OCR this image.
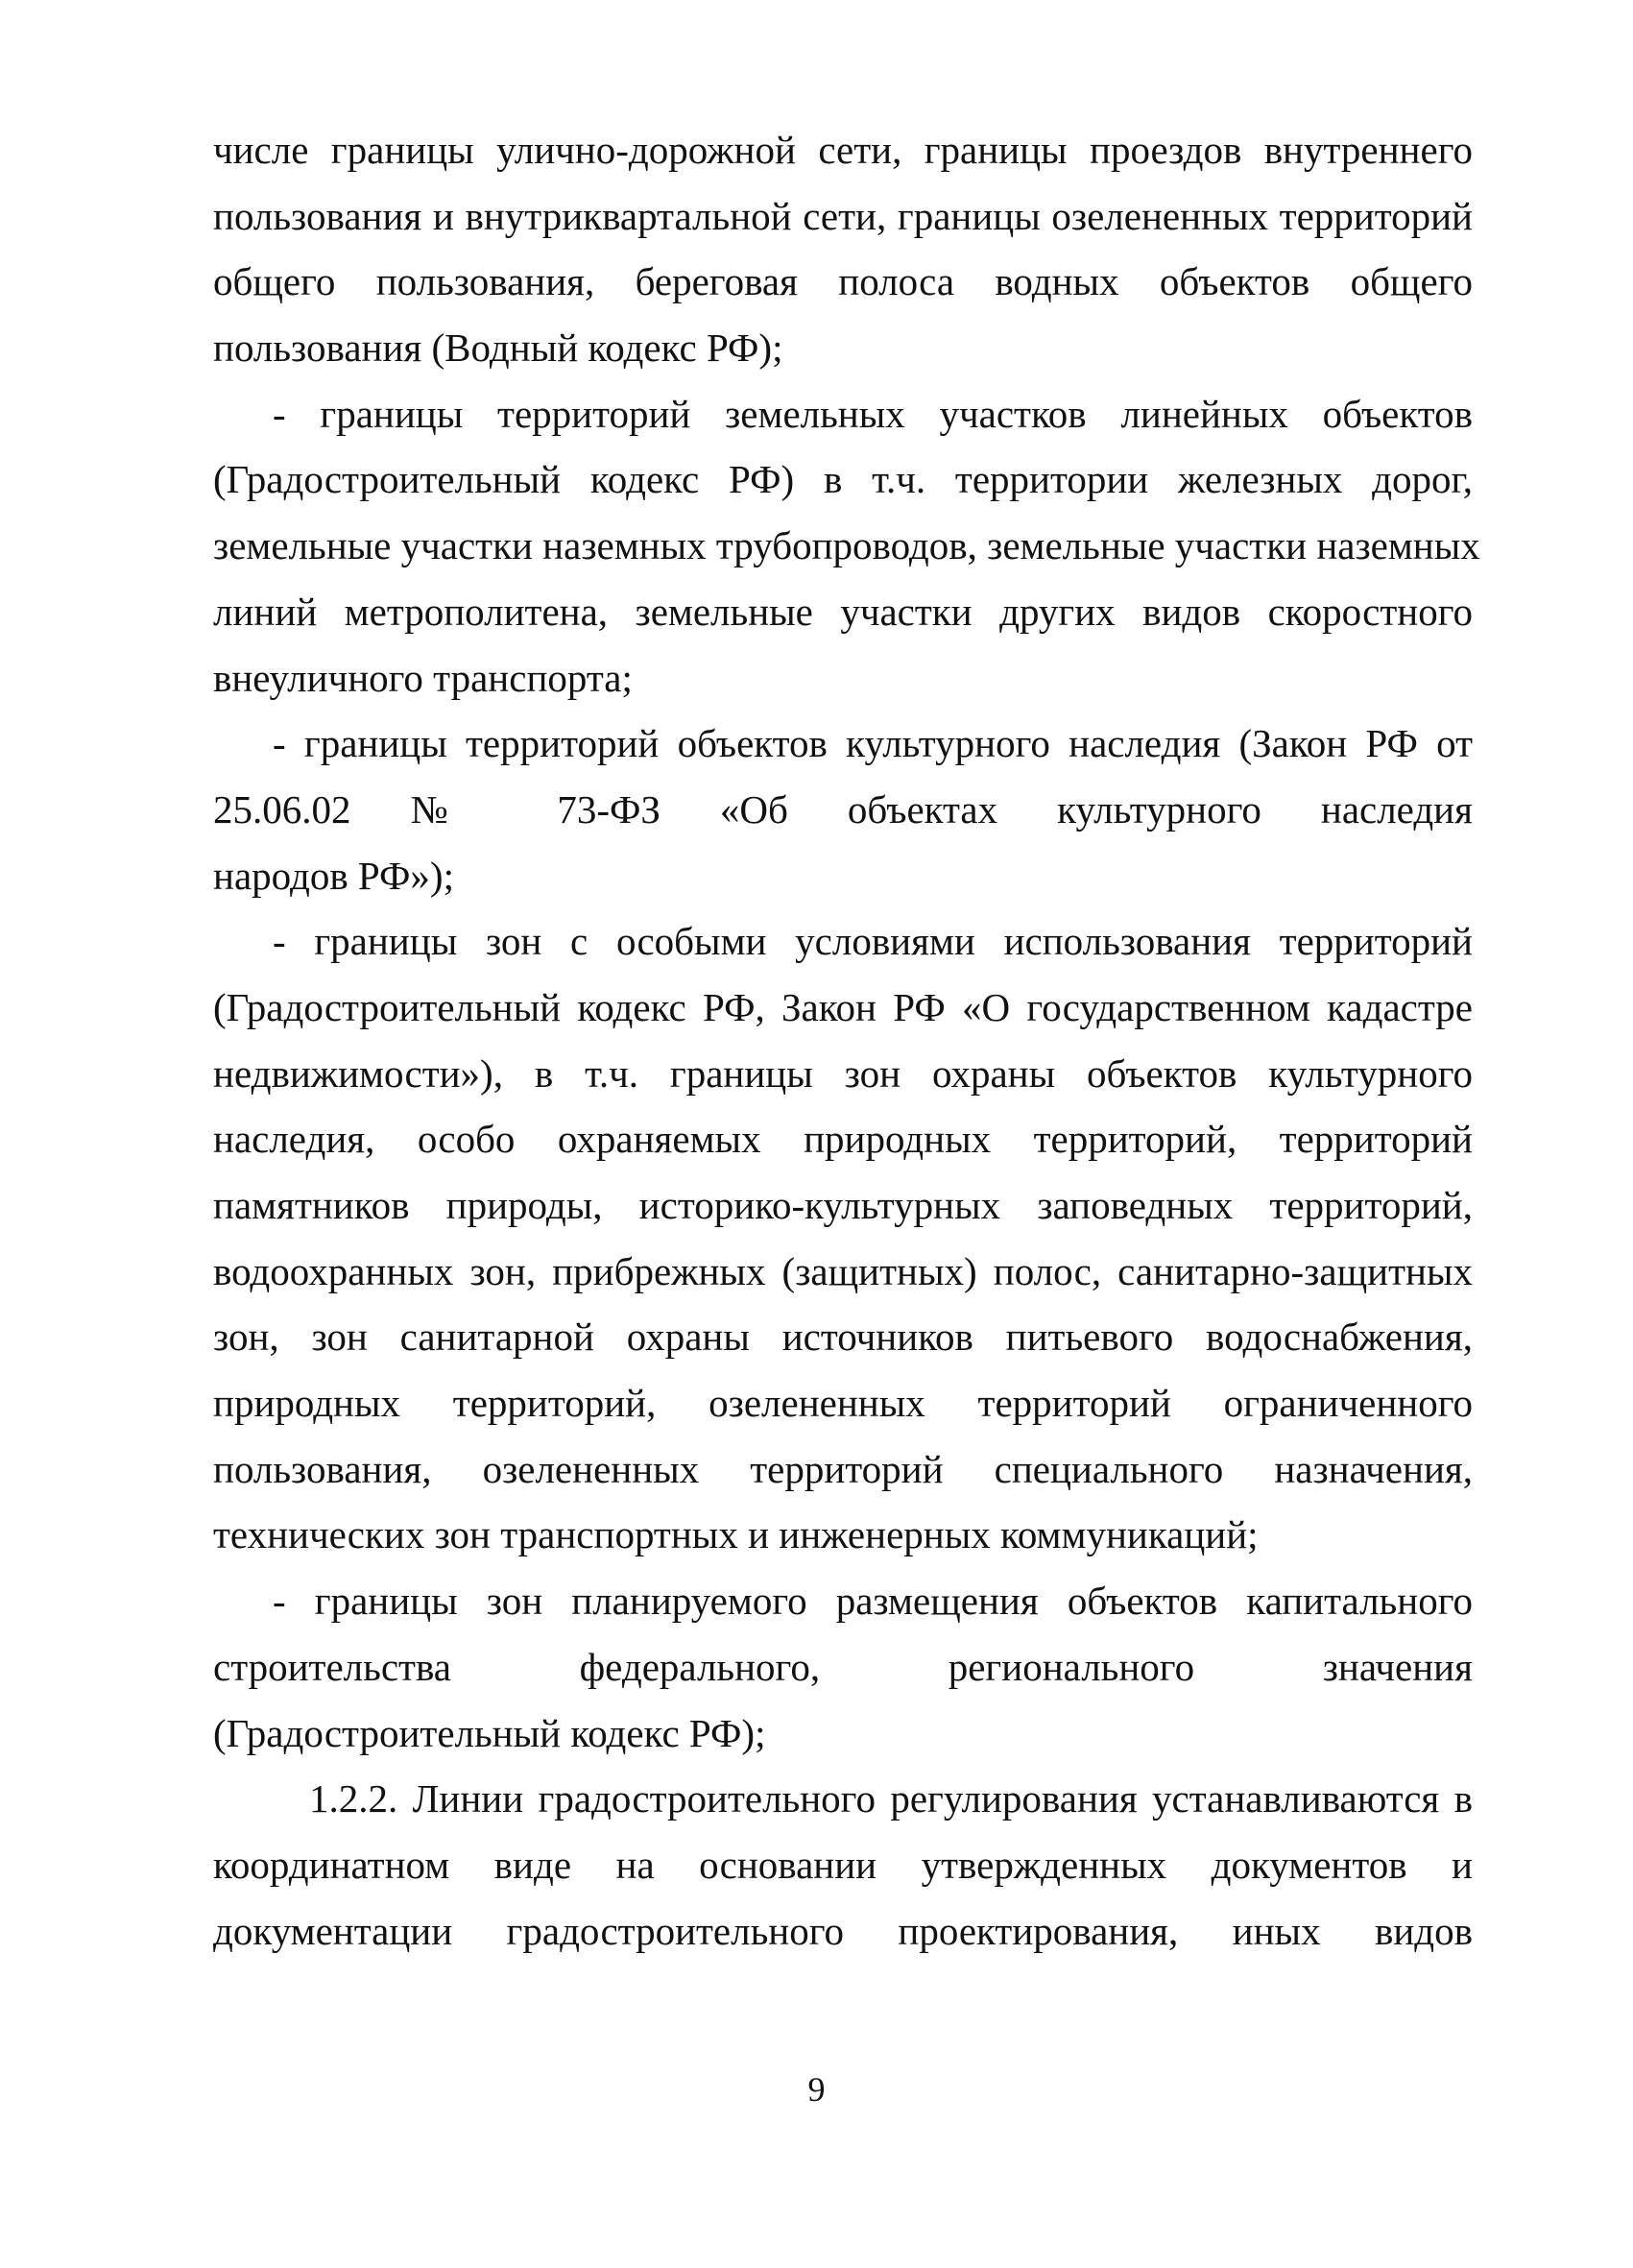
числе границы улично-дорожной сети, границы проездов внутреннего
пользования и внутриквартальной сети, границы озелененных территорий
общего пользования, береговая полоса водных объектов общего
пользования (Водный кодекс РФ);
- границы территорий земельных участков линейных объектов
(Градостроительный кодекс РФ) в т.ч. территории железных дорог,
земельные участки наземных трубопроводов, земельные участки наземных
линий метрополитена, земельные участки других видов скоростного
внеуличного транспорта;
- границы территорий объектов культурного наследия (Закон РФ от
25.06.02 № 73-ФЗ «Об объектах культурного наследия
народов РФ»);
- границы зон с особыми условиями использования территорий
(Градостроительный кодекс РФ, Закон РФ «О государственном кадастре
недвижимости»), в т.ч. границы зон охраны объектов культурного
наследия, особо охраняемых природных территорий, территорий
памятников природы, историко-культурных заповедных территорий,
водоохранных зон, прибрежных (защитных) полос, санитарно-защитных
зон, зон санитарной охраны источников питьевого водоснабжения,
природных территорий, озелененных территорий ограниченного
пользования, озелененных территорий специального назначения,
технических зон транспортных и инженерных коммуникаций;
- границы зон планируемого размещения объектов капитального
строительства федерального, регионального значения
(Градостроительный кодекс РФ);
1.2.2. Линии градостроительного регулирования устанавливаются в
координатном виде на основании утвержденных документов и
документации градостроительного проектирования, иных видов
9
